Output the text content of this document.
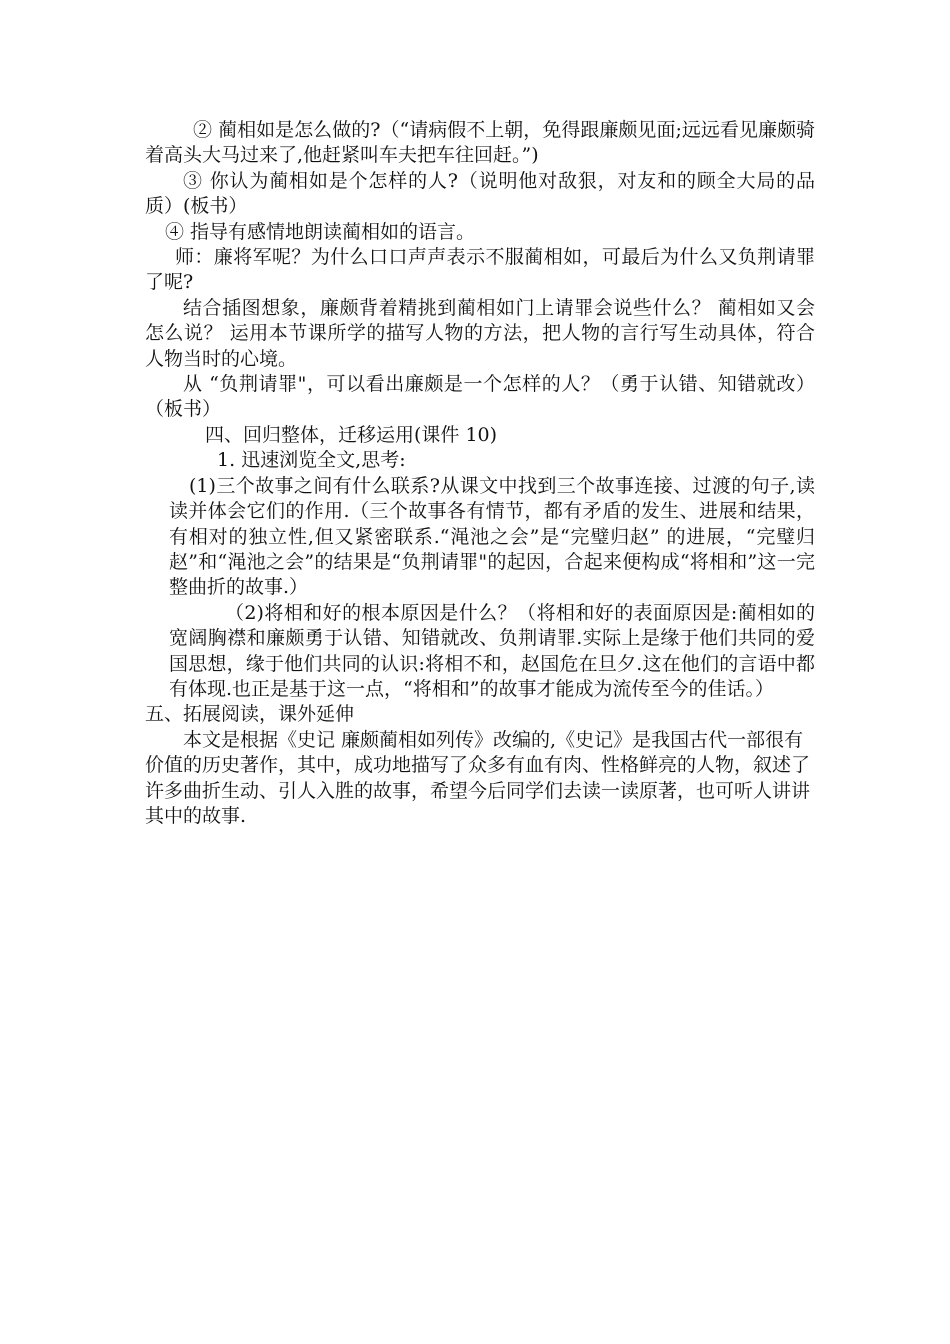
② 蔺相如是怎么做的?（“请病假不上朝，免得跟廉颇见面;远远看见廉颇骑着高头大马过来了,他赶紧叫车夫把车往回赶。”)

③ 你认为蔺相如是个怎样的人?（说明他对敌狠，对友和的顾全大局的品质）(板书）

④ 指导有感情地朗读蔺相如的语言。

师：廉将军呢？为什么口口声声表示不服蔺相如，可最后为什么又负荆请罪了呢?

结合插图想象，廉颇背着精挑到蔺相如门上请罪会说些什么？ 蔺相如又会怎么说？ 运用本节课所学的描写人物的方法，把人物的言行写生动具体，符合人物当时的心境。

从 “负荆请罪"，可以看出廉颇是一个怎样的人？（勇于认错、知错就改）（板书）

四、回归整体，迁移运用(课件 10)

1. 迅速浏览全文,思考:

(1)三个故事之间有什么联系?从课文中找到三个故事连接、过渡的句子,读读并体会它们的作用.（三个故事各有情节，都有矛盾的发生、进展和结果，有相对的独立性,但又紧密联系.“渑池之会”是“完璧归赵” 的进展，“完璧归赵”和“渑池之会”的结果是“负荆请罪"的起因，合起来便构成“将相和”这一完整曲折的故事.）

（2)将相和好的根本原因是什么？（将相和好的表面原因是:蔺相如的宽阔胸襟和廉颇勇于认错、知错就改、负荆请罪.实际上是缘于他们共同的爱国思想，缘于他们共同的认识:将相不和，赵国危在旦夕.这在他们的言语中都有体现.也正是基于这一点，“将相和”的故事才能成为流传至今的佳话。）

五、拓展阅读，课外延伸

本文是根据《史记 廉颇蔺相如列传》改编的,《史记》是我国古代一部很有价值的历史著作，其中，成功地描写了众多有血有肉、性格鲜亮的人物，叙述了许多曲折生动、引人入胜的故事，希望今后同学们去读一读原著，也可听人讲讲其中的故事.
